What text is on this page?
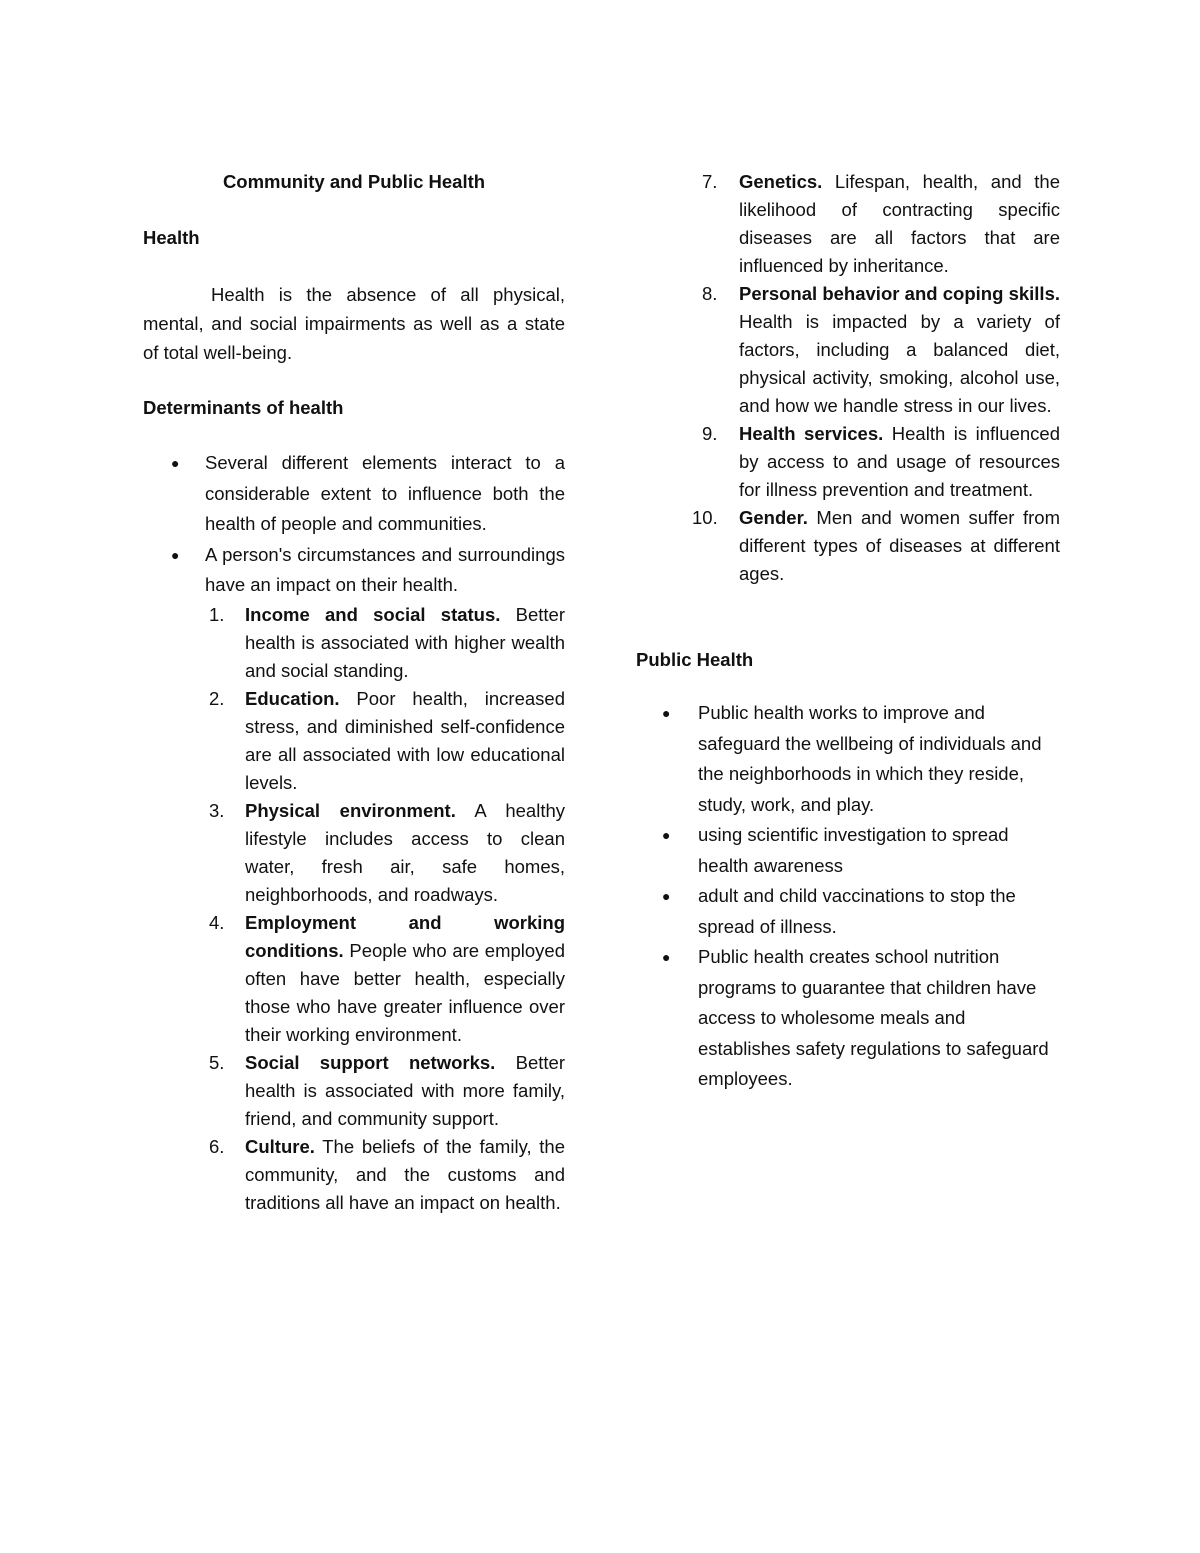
Community and Public Health
Health

Health is the absence of all physical, mental, and social impairments as well as a state of total well-being.

Determinants of health
● Several different elements interact to a considerable extent to influence both the health of people and communities.
● A person's circumstances and surroundings have an impact on their health.
1.	Income and social status. Better health is associated with higher wealth and social standing.
2.	Education. Poor health, increased stress, and diminished self-confidence are all associated with low educational levels.
3.	Physical environment. A healthy lifestyle includes access to clean water, fresh air, safe homes, neighborhoods, and roadways.
4.	Employment and working conditions. People who are employed often have better health, especially those who have greater influence over their working environment.
5.	Social support networks. Better health is associated with more family, friend, and community support.
6.	Culture. The beliefs of the family, the community, and the customs and traditions all have an impact on health.
7.	Genetics. Lifespan, health, and the likelihood of contracting specific diseases are all factors that are influenced by inheritance.
8.	Personal behavior and coping skills. Health is impacted by a variety of factors, including a balanced diet, physical activity, smoking, alcohol use, and how we handle stress in our lives.
9.	Health services. Health is influenced by access to and usage of resources for illness prevention and treatment.
10. Gender. Men and women suffer from different types of diseases at different ages.
Public Health
● Public health works to improve and safeguard the wellbeing of individuals and the neighborhoods in which they reside, study, work, and play.
● using scientific investigation to spread health awareness
● adult and child vaccinations to stop the spread of illness.
● Public health creates school nutrition programs to guarantee that children have access to wholesome meals and establishes safety regulations to safeguard employees.
